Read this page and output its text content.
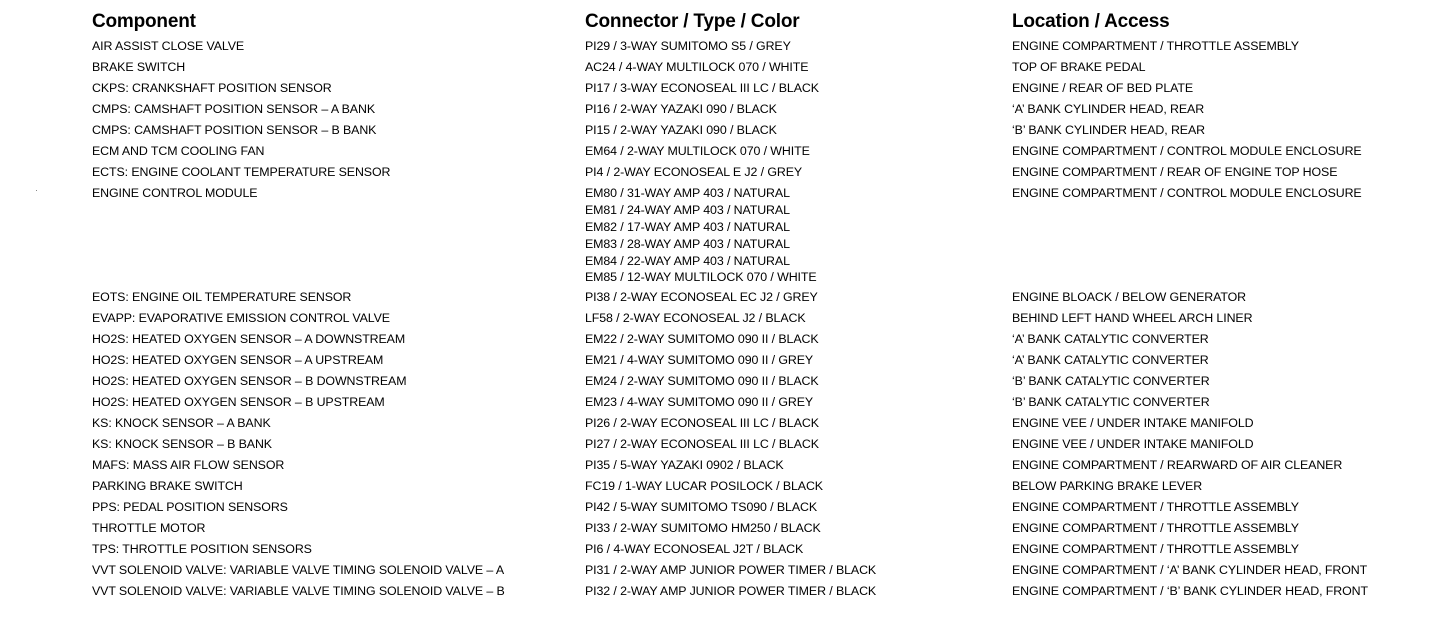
Component
AIR ASSIST CLOSE VALVE
BRAKE SWITCH
CKPS: CRANKSHAFT POSITION SENSOR
CMPS: CAMSHAFT POSITION SENSOR – A BANK
CMPS: CAMSHAFT POSITION SENSOR – B BANK
ECM AND TCM COOLING FAN
ECTS: ENGINE COOLANT TEMPERATURE SENSOR
ENGINE CONTROL MODULE
EOTS: ENGINE OIL TEMPERATURE SENSOR
EVAPP: EVAPORATIVE EMISSION CONTROL VALVE
HO2S: HEATED OXYGEN SENSOR – A DOWNSTREAM
HO2S: HEATED OXYGEN SENSOR – A UPSTREAM
HO2S: HEATED OXYGEN SENSOR – B DOWNSTREAM
HO2S: HEATED OXYGEN SENSOR – B UPSTREAM
KS: KNOCK SENSOR – A BANK
KS: KNOCK SENSOR – B BANK
MAFS: MASS AIR FLOW SENSOR
PARKING BRAKE SWITCH
PPS: PEDAL POSITION SENSORS
THROTTLE MOTOR
TPS: THROTTLE POSITION SENSORS
VVT SOLENOID VALVE: VARIABLE VALVE TIMING SOLENOID VALVE – A
VVT SOLENOID VALVE: VARIABLE VALVE TIMING SOLENOID VALVE – B
Connector / Type / Color
PI29 / 3-WAY SUMITOMO S5 / GREY
AC24 / 4-WAY MULTILOCK 070 / WHITE
PI17 / 3-WAY ECONOSEAL III LC / BLACK
PI16 / 2-WAY YAZAKI 090 / BLACK
PI15 / 2-WAY YAZAKI 090 / BLACK
EM64 / 2-WAY MULTILOCK 070 / WHITE
PI4 / 2-WAY ECONOSEAL E J2 / GREY
EM80 / 31-WAY AMP 403 / NATURAL
EM81 / 24-WAY AMP 403 / NATURAL
EM82 / 17-WAY AMP 403 / NATURAL
EM83 / 28-WAY AMP 403 / NATURAL
EM84 / 22-WAY AMP 403 / NATURAL
EM85 / 12-WAY MULTILOCK 070 / WHITE
PI38 / 2-WAY ECONOSEAL EC J2 / GREY
LF58 / 2-WAY ECONOSEAL J2 / BLACK
EM22 / 2-WAY SUMITOMO 090 II / BLACK
EM21 / 4-WAY SUMITOMO 090 II / GREY
EM24 / 2-WAY SUMITOMO 090 II / BLACK
EM23 / 4-WAY SUMITOMO 090 II / GREY
PI26 / 2-WAY ECONOSEAL III LC / BLACK
PI27 / 2-WAY ECONOSEAL III LC / BLACK
PI35 / 5-WAY YAZAKI 0902 / BLACK
FC19 / 1-WAY LUCAR POSILOCK / BLACK
PI42 / 5-WAY SUMITOMO TS090 / BLACK
PI33 / 2-WAY SUMITOMO HM250 / BLACK
PI6 / 4-WAY ECONOSEAL J2T / BLACK
PI31 / 2-WAY AMP JUNIOR POWER TIMER / BLACK
PI32 / 2-WAY AMP JUNIOR POWER TIMER / BLACK
Location / Access
ENGINE COMPARTMENT / THROTTLE ASSEMBLY
TOP OF BRAKE PEDAL
ENGINE / REAR OF BED PLATE
‘A’ BANK CYLINDER HEAD, REAR
‘B’ BANK CYLINDER HEAD, REAR
ENGINE COMPARTMENT / CONTROL MODULE ENCLOSURE
ENGINE COMPARTMENT / REAR OF ENGINE TOP HOSE
ENGINE COMPARTMENT / CONTROL MODULE ENCLOSURE
ENGINE BLOACK / BELOW GENERATOR
BEHIND LEFT HAND WHEEL ARCH LINER
‘A’ BANK CATALYTIC CONVERTER
‘A’ BANK CATALYTIC CONVERTER
‘B’ BANK CATALYTIC CONVERTER
‘B’ BANK CATALYTIC CONVERTER
ENGINE VEE / UNDER INTAKE MANIFOLD
ENGINE VEE / UNDER INTAKE MANIFOLD
ENGINE COMPARTMENT / REARWARD OF AIR CLEANER
BELOW PARKING BRAKE LEVER
ENGINE COMPARTMENT / THROTTLE ASSEMBLY
ENGINE COMPARTMENT / THROTTLE ASSEMBLY
ENGINE COMPARTMENT / THROTTLE ASSEMBLY
ENGINE COMPARTMENT / ‘A’ BANK CYLINDER HEAD, FRONT
ENGINE COMPARTMENT / ‘B’ BANK CYLINDER HEAD, FRONT
